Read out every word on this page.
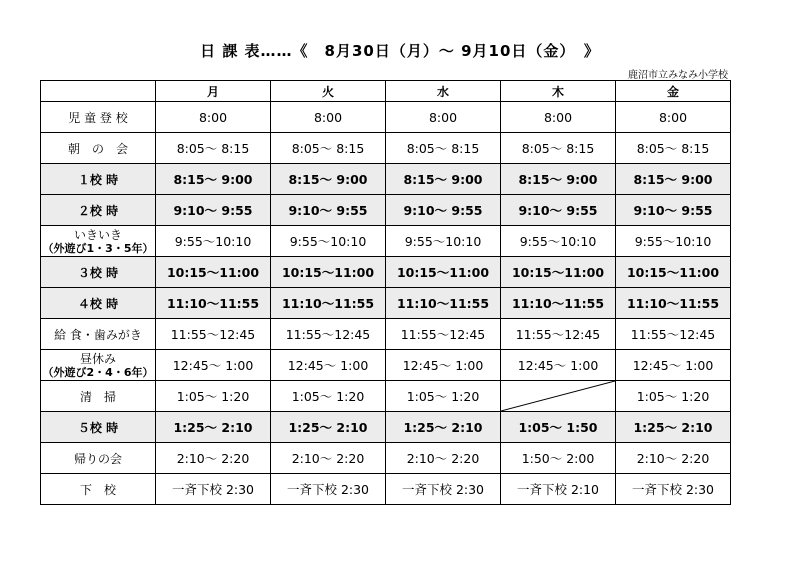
日 課 表……《　8月30日（月）～ 9月10日（金）　》
鹿沼市立みなみ小学校
	月	火	水	木	金
児 童 登 校	8:00	8:00	8:00	8:00	8:00
朝　の　会	8:05～ 8:15	8:05～ 8:15	8:05～ 8:15	8:05～ 8:15	8:05～ 8:15
１校 時	8:15～ 9:00	8:15～ 9:00	8:15～ 9:00	8:15～ 9:00	8:15～ 9:00
２校 時	9:10～ 9:55	9:10～ 9:55	9:10～ 9:55	9:10～ 9:55	9:10～ 9:55

いきいき
（外遊び1・3・5年）	9:55～10:10	9:55～10:10	9:55～10:10	9:55～10:10	9:55～10:10
３校 時	10:15～11:00	10:15～11:00	10:15～11:00	10:15～11:00	10:15～11:00
４校 時	11:10～11:55	11:10～11:55	11:10～11:55	11:10～11:55	11:10～11:55
給 食・歯みがき	11:55～12:45	11:55～12:45	11:55～12:45	11:55～12:45	11:55～12:45

昼休み
（外遊び2・4・6年）	12:45～ 1:00	12:45～ 1:00	12:45～ 1:00	12:45～ 1:00	12:45～ 1:00
清　掃	1:05～ 1:20	1:05～ 1:20	1:05～ 1:20		1:05～ 1:20
５校 時	1:25～ 2:10	1:25～ 2:10	1:25～ 2:10	1:05～ 1:50	1:25～ 2:10
帰りの会	2:10～ 2:20	2:10～ 2:20	2:10～ 2:20	1:50～ 2:00	2:10～ 2:20
下　校	一斉下校 2:30	一斉下校 2:30	一斉下校 2:30	一斉下校 2:10	一斉下校 2:30
